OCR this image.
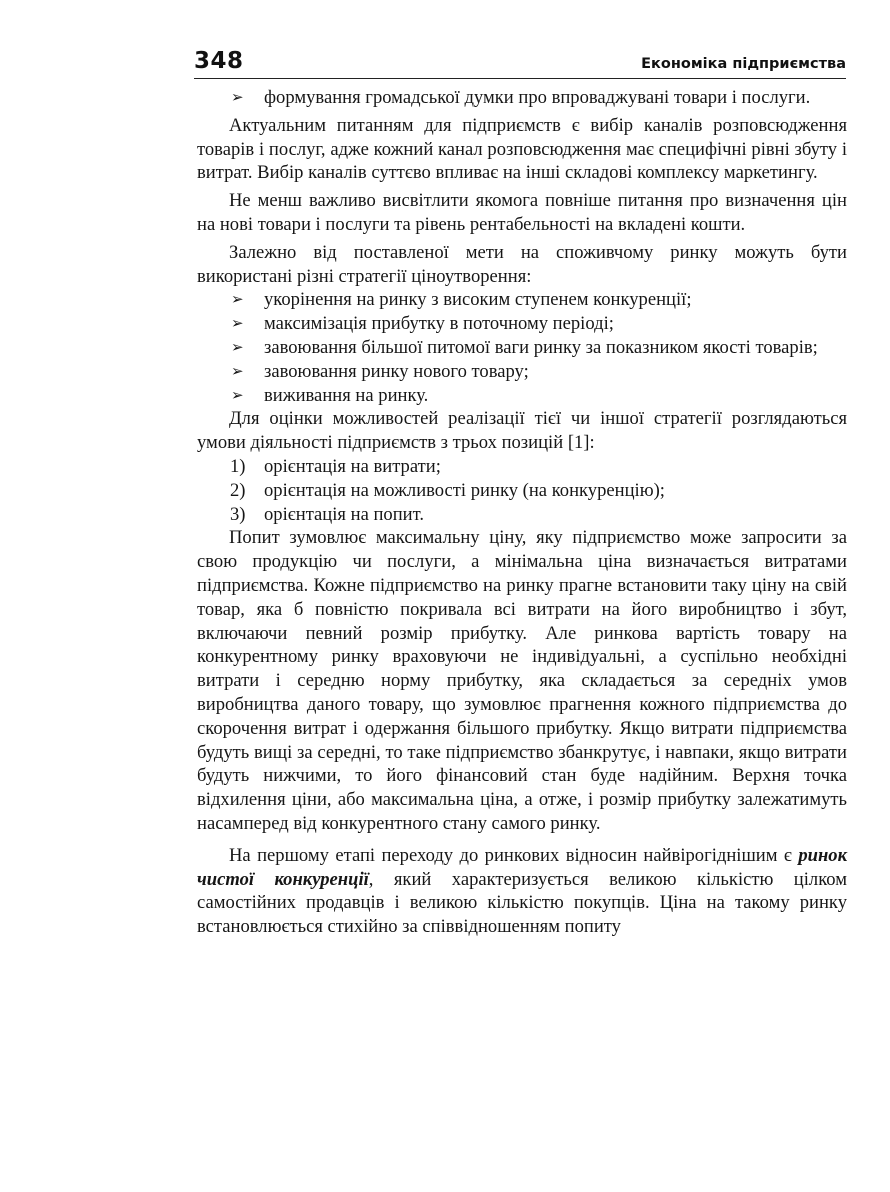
348	Економіка підприємства
➢ формування громадської думки про впроваджувані товари і послуги.

Актуальним питанням для підприємств є вибір каналів розповсюдження товарів і послуг, адже кожний канал розповсюдження має специфічні рівні збуту і витрат. Вибір каналів суттєво впливає на інші складові комплексу маркетингу.

Не менш важливо висвітлити якомога повніше питання про визначення цін на нові товари і послуги та рівень рентабельності на вкладені кошти.

Залежно від поставленої мети на споживчому ринку можуть бути використані різні стратегії ціноутворення:

➢ укорінення на ринку з високим ступенем конкуренції;
➢ максимізація прибутку в поточному періоді;
➢ завоювання більшої питомої ваги ринку за показником якості товарів;
➢ завоювання ринку нового товару;
➢ виживання на ринку.

Для оцінки можливостей реалізації тієї чи іншої стратегії розглядаються умови діяльності підприємств з трьох позицій [1]:

1) орієнтація на витрати;
2) орієнтація на можливості ринку (на конкуренцію);
3) орієнтація на попит.

Попит зумовлює максимальну ціну, яку підприємство може запросити за свою продукцію чи послуги, а мінімальна ціна визначається витратами підприємства. Кожне підприємство на ринку прагне встановити таку ціну на свій товар, яка б повністю покривала всі витрати на його виробництво і збут, включаючи певний розмір прибутку. Але ринкова вартість товару на конкурентному ринку враховуючи не індивідуальні, а суспільно необхідні витрати і середню норму прибутку, яка складається за середніх умов виробництва даного товару, що зумовлює прагнення кожного підприємства до скорочення витрат і одержання більшого прибутку. Якщо витрати підприємства будуть вищі за середні, то таке підприємство збанкрутує, і навпаки, якщо витрати будуть нижчими, то його фінансовий стан буде надійним. Верхня точка відхилення ціни, або максимальна ціна, а отже, і розмір прибутку залежатимуть насамперед від конкурентного стану самого ринку.

На першому етапі переходу до ринкових відносин найвірогіднішим є ринок чистої конкуренції, який характеризується великою кількістю цілком самостійних продавців і великою кількістю покупців. Ціна на такому ринку встановлюється стихійно за співвідношенням попиту
